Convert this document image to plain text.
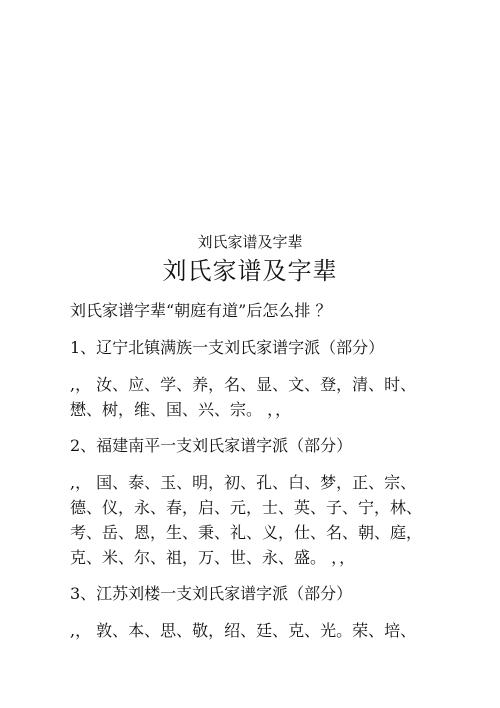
刘氏家谱及字辈
刘氏家谱及字辈

刘氏家谱字辈“朝庭有道”后怎么排 ？

1、辽宁北镇满族一支刘氏家谱字派（部分）

,， 汝、应、学、养，名、显、文、登，清、时、

懋、树，维、国、兴、宗。 ，，

2、福建南平一支刘氏家谱字派（部分）

,， 国、泰、玉、明，初、孔、白、梦，正、宗、

德、仪，永、春，启、元，士、英、子、宁，林、

考、岳、恩，生、秉、礼、义，仕、名、朝、庭，

克、米、尔、祖，万、世、永、盛。 ，，

3、江苏刘楼一支刘氏家谱字派（部分）

,， 敦、本、思、敬，绍、廷、克、光。荣、培、
